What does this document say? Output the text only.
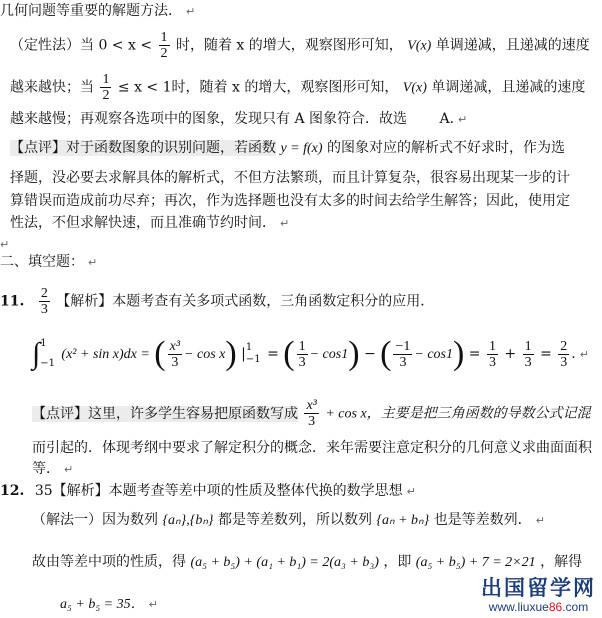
几何问题等重要的解题方法． ↵
（定性法）当 $0 < x < \frac{1}{2}$ 时，随着 x 的增大，观察图形可知， V(x) 单调递减，且递减的速度
越来越快；当 $\frac{1}{2} \le x < 1$时，随着 x 的增大，观察图形可知， V(x) 单调递减，且递减的速度
越来越慢；再观察各选项中的图象，发现只有 A 图象符合．故选 A. ↵
【点评】对于函数图象的识别问题，若函数 y = f(x) 的图象对应的解析式不好求时，作为选
择题，没必要去求解具体的解析式，不但方法繁琐，而且计算复杂，很容易出现某一步的计
算错误而造成前功尽弃；再次，作为选择题也没有太多的时间去给学生解答；因此，使用定
性法，不但求解快速，而且准确节约时间． ↵
↵
二、填空题： ↵
11. $\frac{2}{3}$ 【解析】本题考查有关多项式函数，三角函数定积分的应用．
∫ 1
−1
(x² + sin x)dx = ( $\frac{\text{x³}}{3} - \cos x$) | 1
−1 = ( $\frac{1}{3} - \cos 1$) − ( $\frac{-1}{3} - \cos 1) = \frac{1}{3} + \frac{1}{3} = \frac{2}{3}$ . ↵
【点评】这里，许多学生容易把原函数写成 $\frac{\text{x³}}{3} + \cos x$，主要是把三角函数的导数公式记混
而引起的．体现考纲中要求了解定积分的概念．来年需要注意定积分的几何意义求曲面面积
等． ↵
12. 35【解析】本题考查等差中项的性质及整体代换的数学思想 ↵
（解法一）因为数列 {aₙ},{bₙ} 都是等差数列，所以数列 {aₙ + bₙ} 也是等差数列． ↵
故由等差中项的性质，得 (a₅ + b₅) + (a₁ + b₁) = 2(a₃ + b₃) ，即 (a₅ + b₅) + 7 = 2×21 ，解得
a₅ + b₅ = 35． ↵
出国留学网
www.liuxue86.com
